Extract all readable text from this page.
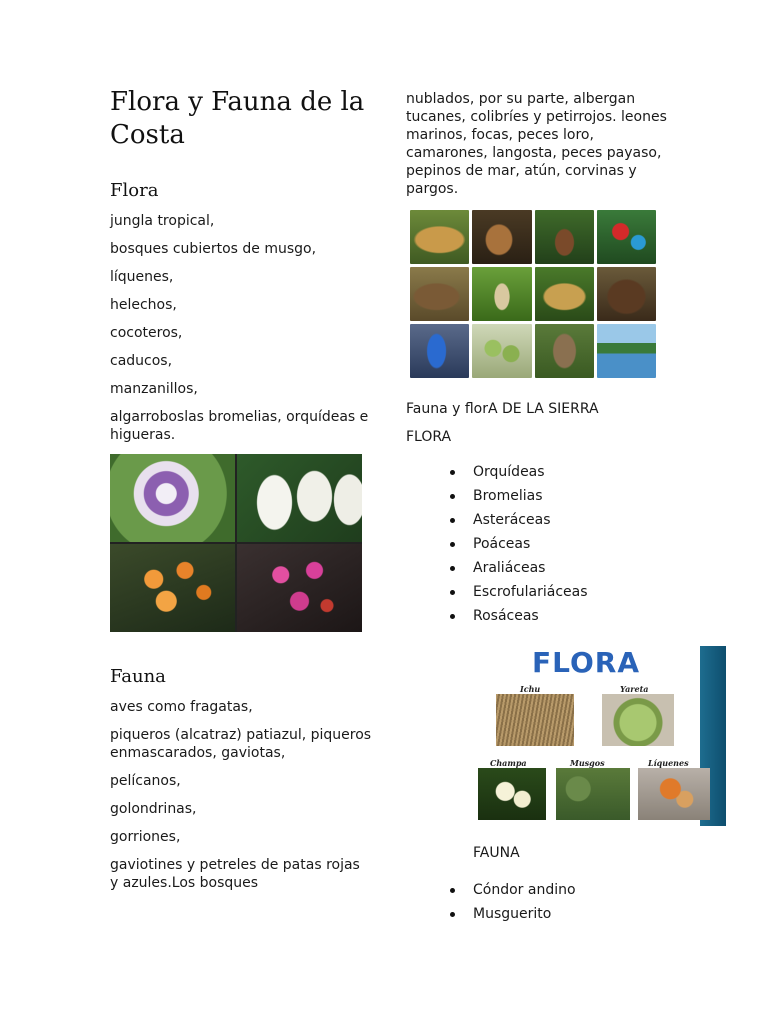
Flora y Fauna de la Costa
Flora

jungla tropical,

bosques cubiertos de musgo,

líquenes,

helechos,

cocoteros,

caducos,

manzanillos,

algarroboslas bromelias, orquídeas e higueras.

Fauna

aves como fragatas,

piqueros (alcatraz) patiazul, piqueros enmascarados, gaviotas,

pelícanos,

golondrinas,

gorriones,

gaviotines y petreles de patas rojas y azules.Los bosques

nublados, por su parte, albergan tucanes, colibríes y petirrojos. leones marinos, focas, peces loro, camarones, langosta, peces payaso, pepinos de mar, atún, corvinas y pargos.

Fauna y florA DE LA SIERRA

FLORA

Orquídeas
Bromelias
Asteráceas
Poáceas
Araliáceas
Escrofulariáceas
Rosáceas
FLORA
Ichu	Yareta
Champa	Musgos	Líquenes

FAUNA

Cóndor andino
Musguerito
